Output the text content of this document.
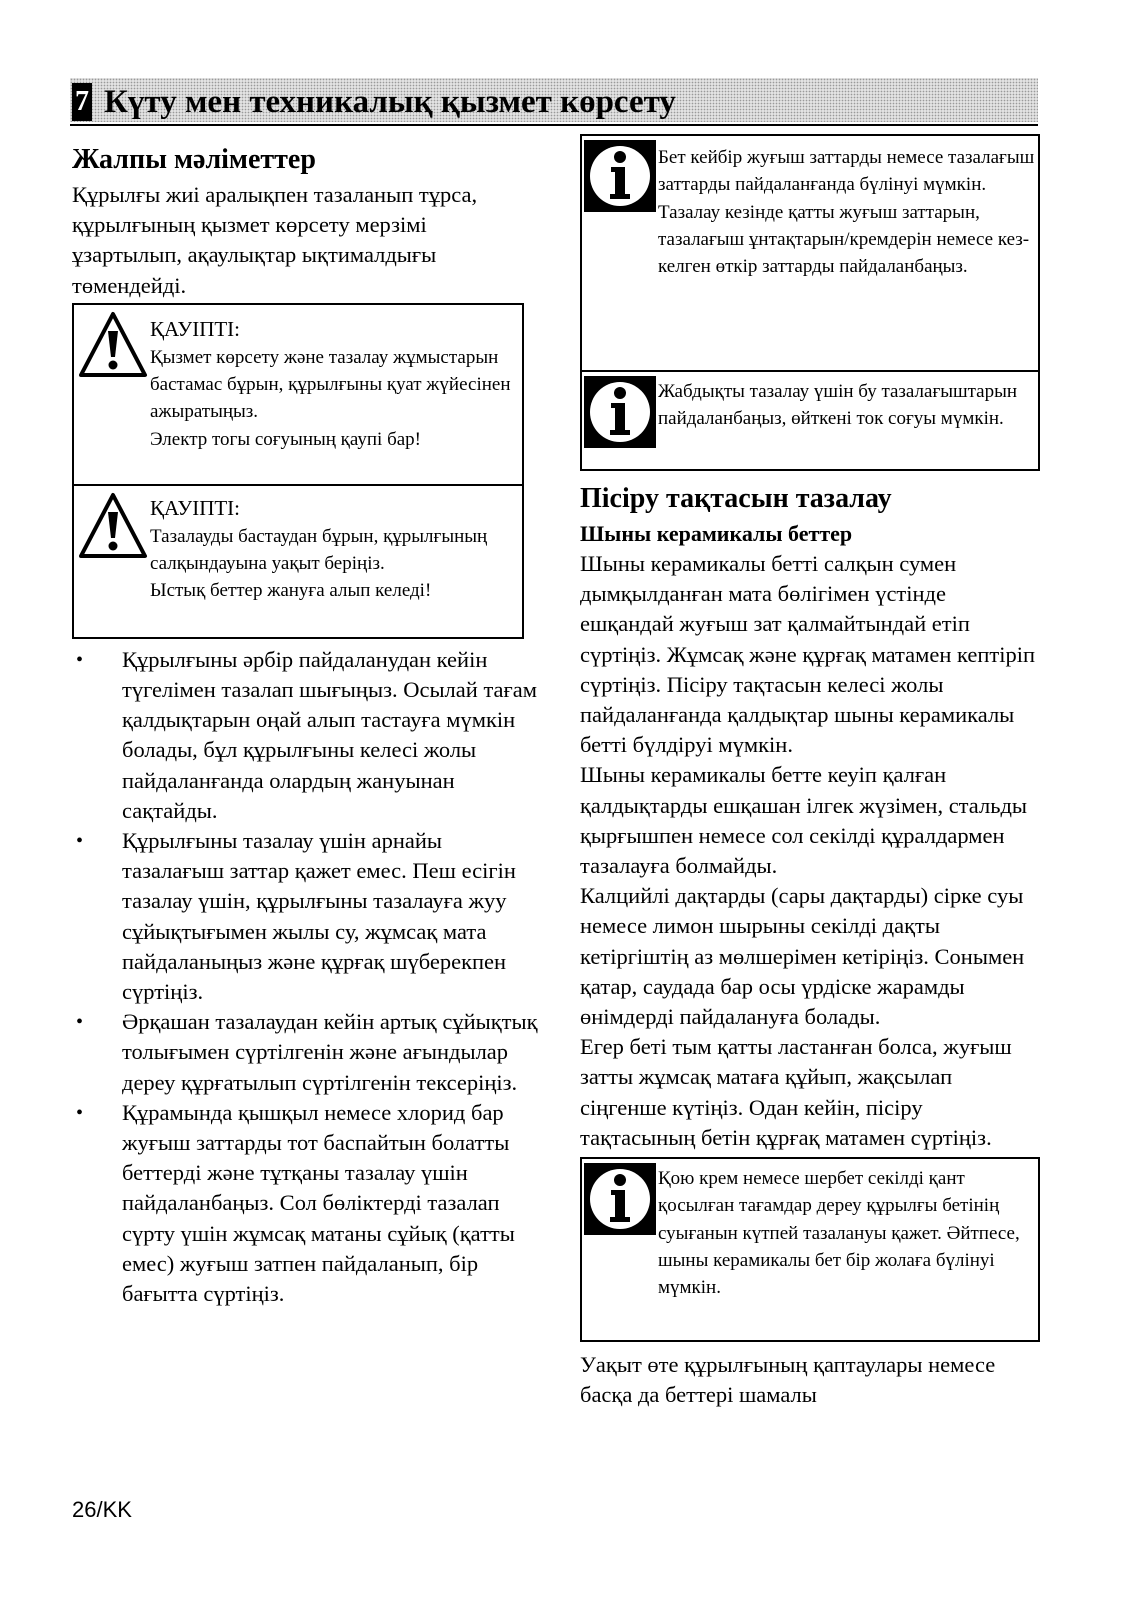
7 Күту мен техникалық қызмет көрсету
Жалпы мәліметтер

Құрылғы жиі аралықпен тазаланып тұрса, құрылғының қызмет көрсету мерзімі ұзартылып, ақаулықтар ықтималдығы төмендейді.

ҚАУІПТІ:
Қызмет көрсету және тазалау жұмыстарын бастамас бұрын, құрылғыны қуат жүйесінен ажыратыңыз.
Электр тогы соғуының қаупі бар!
ҚАУІПТІ:
Тазалауды бастаудан бұрын, құрылғының салқындауына уақыт беріңіз.
Ыстық беттер жануға алып келеді!
• Құрылғыны әрбір пайдаланудан кейін түгелімен тазалап шығыңыз. Осылай тағам қалдықтарын оңай алып тастауға мүмкін болады, бұл құрылғыны келесі жолы пайдаланғанда олардың жануынан сақтайды.
• Құрылғыны тазалау үшін арнайы тазалағыш заттар қажет емес. Пеш есігін тазалау үшін, құрылғыны тазалауға жуу сұйықтығымен жылы су, жұмсақ мата пайдаланыңыз және құрғақ шүберекпен сүртіңіз.
• Әрқашан тазалаудан кейін артық сұйықтық толығымен сүртілгенін және ағындылар дереу құрғатылып сүртілгенін тексеріңіз.
• Құрамында қышқыл немесе хлорид бар жуғыш заттарды тот баспайтын болатты беттерді және тұтқаны тазалау үшін пайдаланбаңыз. Сол бөліктерді тазалап сүрту үшін жұмсақ матаны сұйық (қатты емес) жуғыш затпен пайдаланып, бір бағытта сүртіңіз.
Бет кейбір жуғыш заттарды немесе тазалағыш заттарды пайдаланғанда бүлінуі мүмкін.
Тазалау кезінде қатты жуғыш заттарын, тазалағыш ұнтақтарын/кремдерін немесе кез-келген өткір заттарды пайдаланбаңыз.
Жабдықты тазалау үшін бу тазалағыштарын пайдаланбаңыз, өйткені ток соғуы мүмкін.
Пісіру тақтасын тазалау
Шыны керамикалы беттер

Шыны керамикалы бетті салқын сумен дымқылданған мата бөлігімен үстінде ешқандай жуғыш зат қалмайтындай етіп сүртіңіз. Жұмсақ және құрғақ матамен кептіріп сүртіңіз. Пісіру тақтасын келесі жолы пайдаланғанда қалдықтар шыны керамикалы бетті бүлдіруі мүмкін.

Шыны керамикалы бетте кеуіп қалған қалдықтарды ешқашан ілгек жүзімен, стальды қырғышпен немесе сол секілді құралдармен тазалауға болмайды.

Калцийлі дақтарды (сары дақтарды) сірке суы немесе лимон шырыны секілді дақты кетіргіштің аз мөлшерімен кетіріңіз. Сонымен қатар, саудада бар осы үрдіске жарамды өнімдерді пайдалануға болады.

Егер беті тым қатты ластанған болса, жуғыш затты жұмсақ матаға құйып, жақсылап сіңгенше күтіңіз. Одан кейін, пісіру тақтасының бетін құрғақ матамен сүртіңіз.

Қою крем немесе шербет секілді қант қосылған тағамдар дереу құрылғы бетінің суығанын күтпей тазалануы қажет. Әйтпесе, шыны керамикалы бет бір жолаға бүлінуі мүмкін.

Уақыт өте құрылғының қаптаулары немесе басқа да беттері шамалы

26/KK
